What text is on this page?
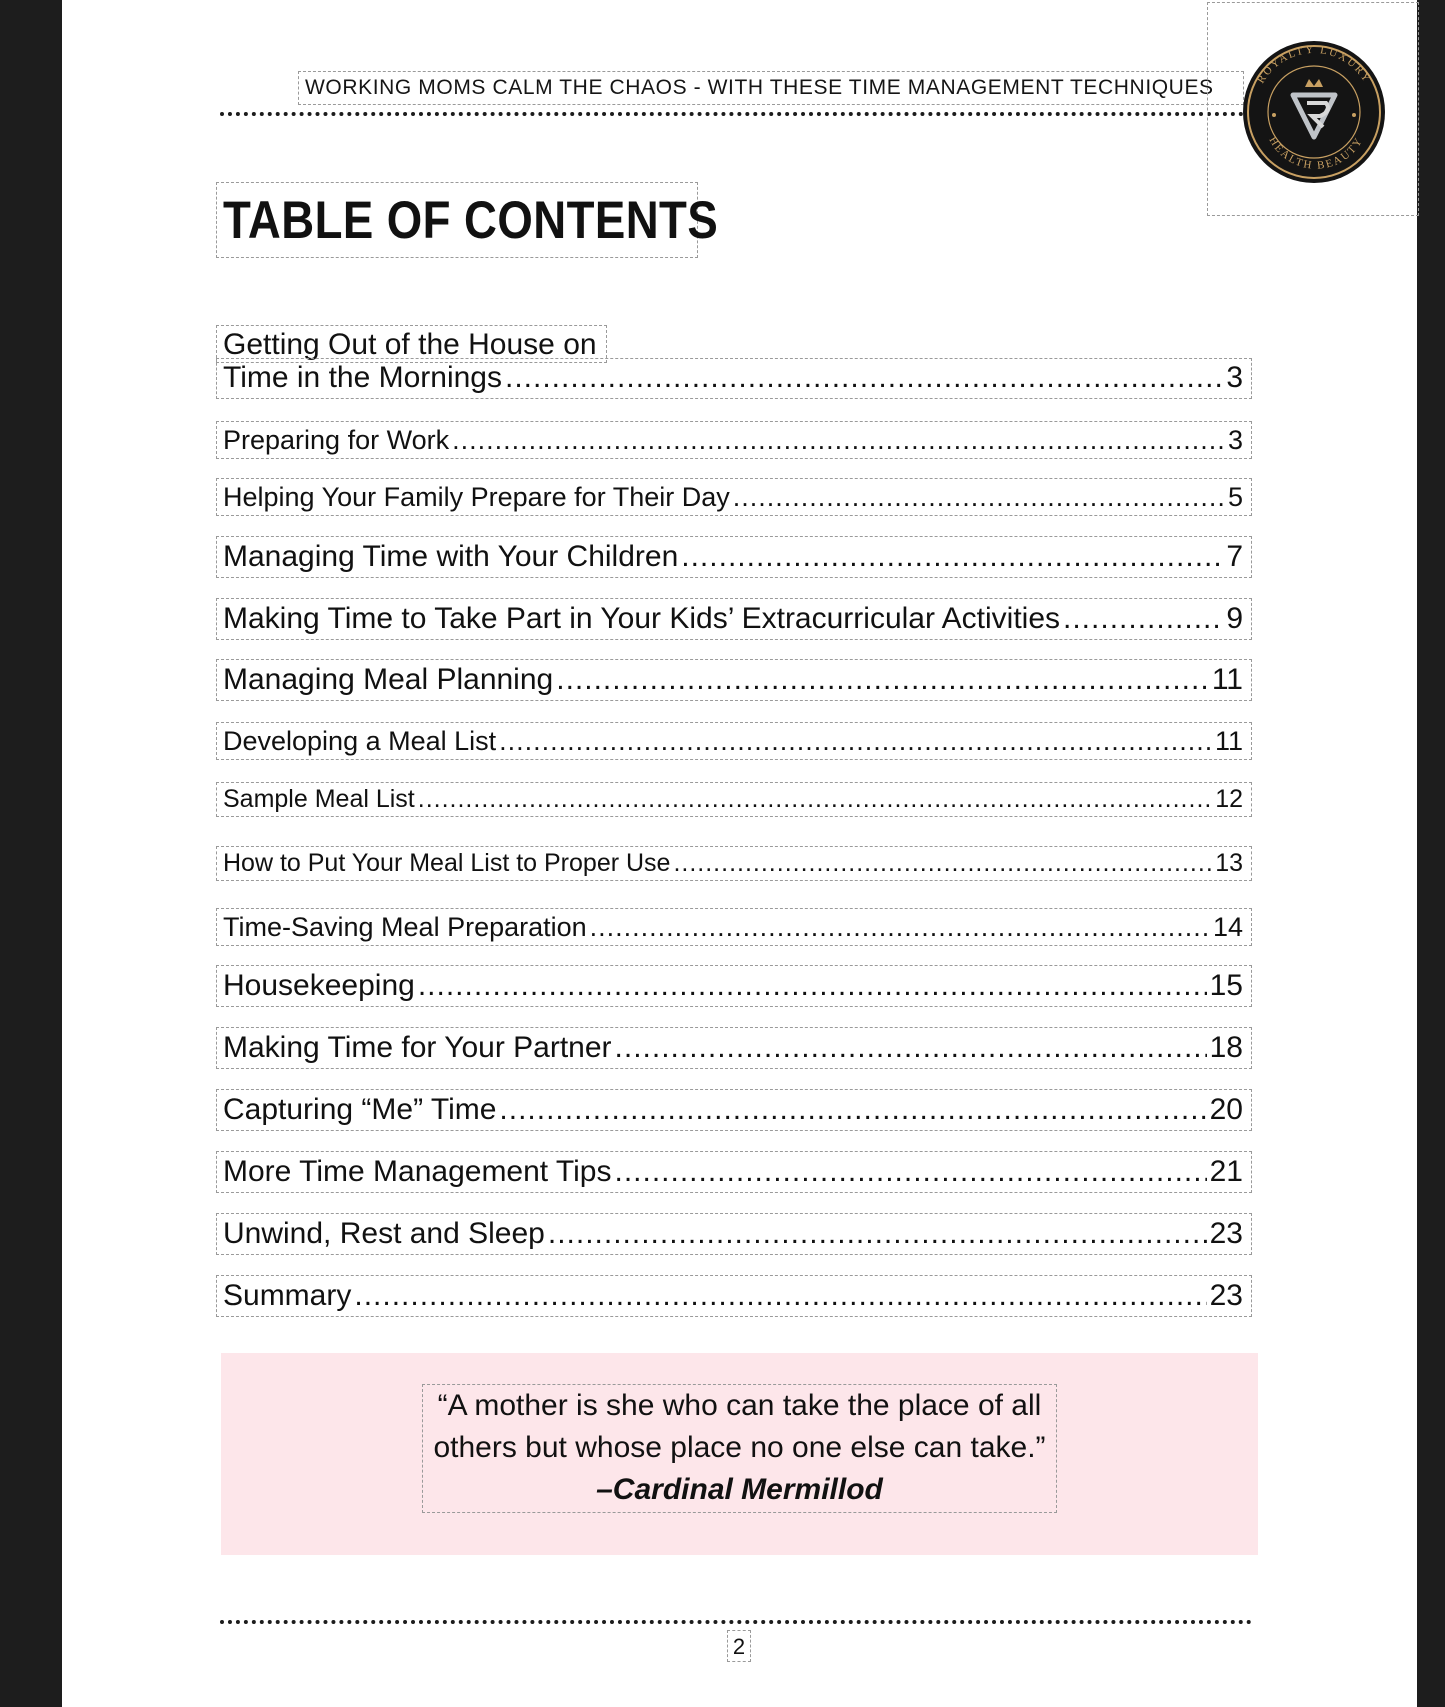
WORKING MOMS CALM THE CHAOS - WITH THESE TIME MANAGEMENT TECHNIQUES	ROYALTY LUXURY
HEALTH BEAUTY
TABLE OF CONTENTS
Getting Out of the House on
Time in the Mornings .....	3
Preparing for Work .....	3
Helping Your Family Prepare for Their Day .....	5
Managing Time with Your Children .....	7
Making Time to Take Part in Your Kids’ Extracurricular Activities .....	9
Managing Meal Planning .....	11
Developing a Meal List .....	11
Sample Meal List .....	12
How to Put Your Meal List to Proper Use .....	13
Time-Saving Meal Preparation .....	14
Housekeeping .....	15
Making Time for Your Partner .....	18
Capturing “Me” Time .....	20
More Time Management Tips .....	21
Unwind, Rest and Sleep .....	23
Summary .....	23
“A mother is she who can take the place of all
others but whose place no one else can take.”
–Cardinal Mermillod
2
